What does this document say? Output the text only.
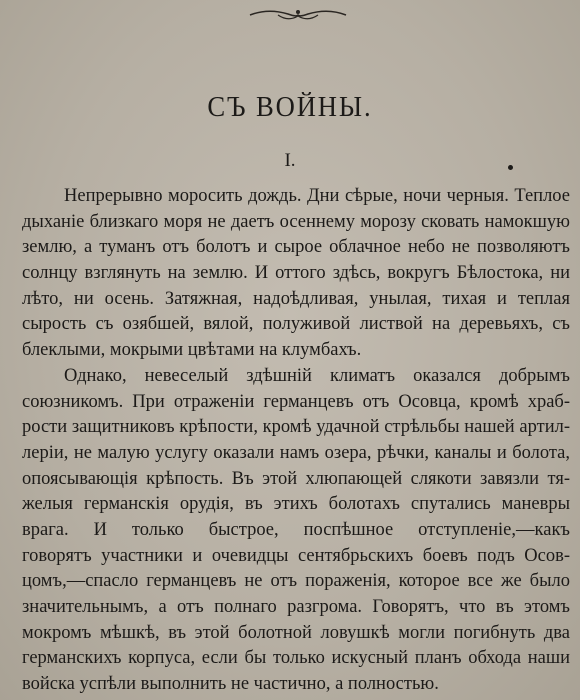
СЪ ВОЙНЫ.
I.
Непрерывно моросить дождь. Дни сѣрые, ночи черныя. Теплое
дыханіе близкаго моря не даетъ осеннему морозу сковать намокшую
землю, а туманъ отъ болотъ и сырое облачное небо не позволяютъ
солнцу взглянуть на землю. И оттого здѣсь, вокругъ Бѣлостока, ни
лѣто, ни осень. Затяжная, надоѣдливая, унылая, тихая и теплая
сырость съ озябшей, вялой, полуживой листвой на деревьяхъ, съ
блеклыми, мокрыми цвѣтами на клумбахъ.
Однако, невеселый здѣшній климатъ оказался добрымъ
союзникомъ. При отраженіи германцевъ отъ Осовца, кромѣ храб-
рости защитниковъ крѣпости, кромѣ удачной стрѣльбы нашей артил-
леріи, не малую услугу оказали намъ озера, рѣчки, каналы и болота,
опоясывающія крѣпость. Въ этой хлюпающей слякоти завязли тя-
желыя германскія орудія, въ этихъ болотахъ спутались маневры
врага. И только быстрое, поспѣшное отступленіе,—какъ
говорятъ участники и очевидцы сентябрьскихъ боевъ подъ Осов-
цомъ,—спасло германцевъ не отъ пораженія, которое все же было
значительнымъ, а отъ полнаго разгрома. Говорятъ, что въ этомъ
мокромъ мѣшкѣ, въ этой болотной ловушкѣ могли погибнуть два
германскихъ корпуса, если бы только искусный планъ обхода наши
войска успѣли выполнить не частично, а полностью.
